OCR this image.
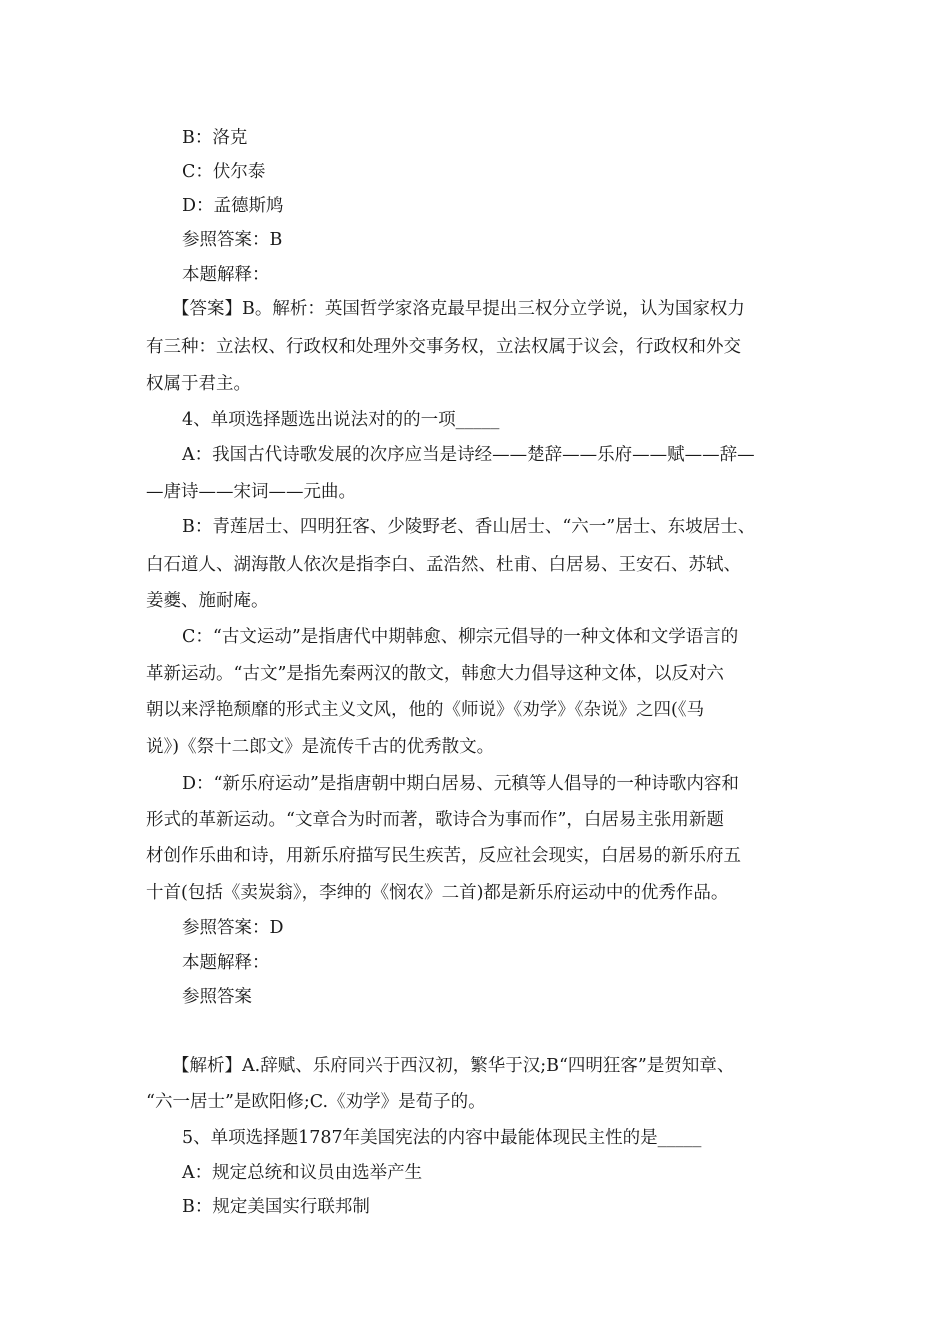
B：洛克
C：伏尔泰
D：孟德斯鸠
参照答案：B
本题解释：
【答案】B。解析：英国哲学家洛克最早提出三权分立学说，认为国家权力
有三种：立法权、行政权和处理外交事务权，立法权属于议会，行政权和外交
权属于君主。
4、单项选择题选出说法对的的一项_____
A：我国古代诗歌发展的次序应当是诗经——楚辞——乐府——赋——辞—
—唐诗——宋词——元曲。
B：青莲居士、四明狂客、少陵野老、香山居士、“六一”居士、东坡居士、
白石道人、湖海散人依次是指李白、孟浩然、杜甫、白居易、王安石、苏轼、
姜夔、施耐庵。
C：“古文运动”是指唐代中期韩愈、柳宗元倡导的一种文体和文学语言的
革新运动。“古文”是指先秦两汉的散文，韩愈大力倡导这种文体，以反对六
朝以来浮艳颓靡的形式主义文风，他的《师说》《劝学》《杂说》之四(《马
说》)《祭十二郎文》是流传千古的优秀散文。
D：“新乐府运动”是指唐朝中期白居易、元稹等人倡导的一种诗歌内容和
形式的革新运动。“文章合为时而著，歌诗合为事而作”，白居易主张用新题
材创作乐曲和诗，用新乐府描写民生疾苦，反应社会现实，白居易的新乐府五
十首(包括《卖炭翁》，李绅的《悯农》二首)都是新乐府运动中的优秀作品。
参照答案：D
本题解释：
参照答案
【解析】A.辞赋、乐府同兴于西汉初，繁华于汉;B“四明狂客”是贺知章、
“六一居士”是欧阳修;C.《劝学》是荀子的。
5、单项选择题1787年美国宪法的内容中最能体现民主性的是_____
A：规定总统和议员由选举产生
B：规定美国实行联邦制
